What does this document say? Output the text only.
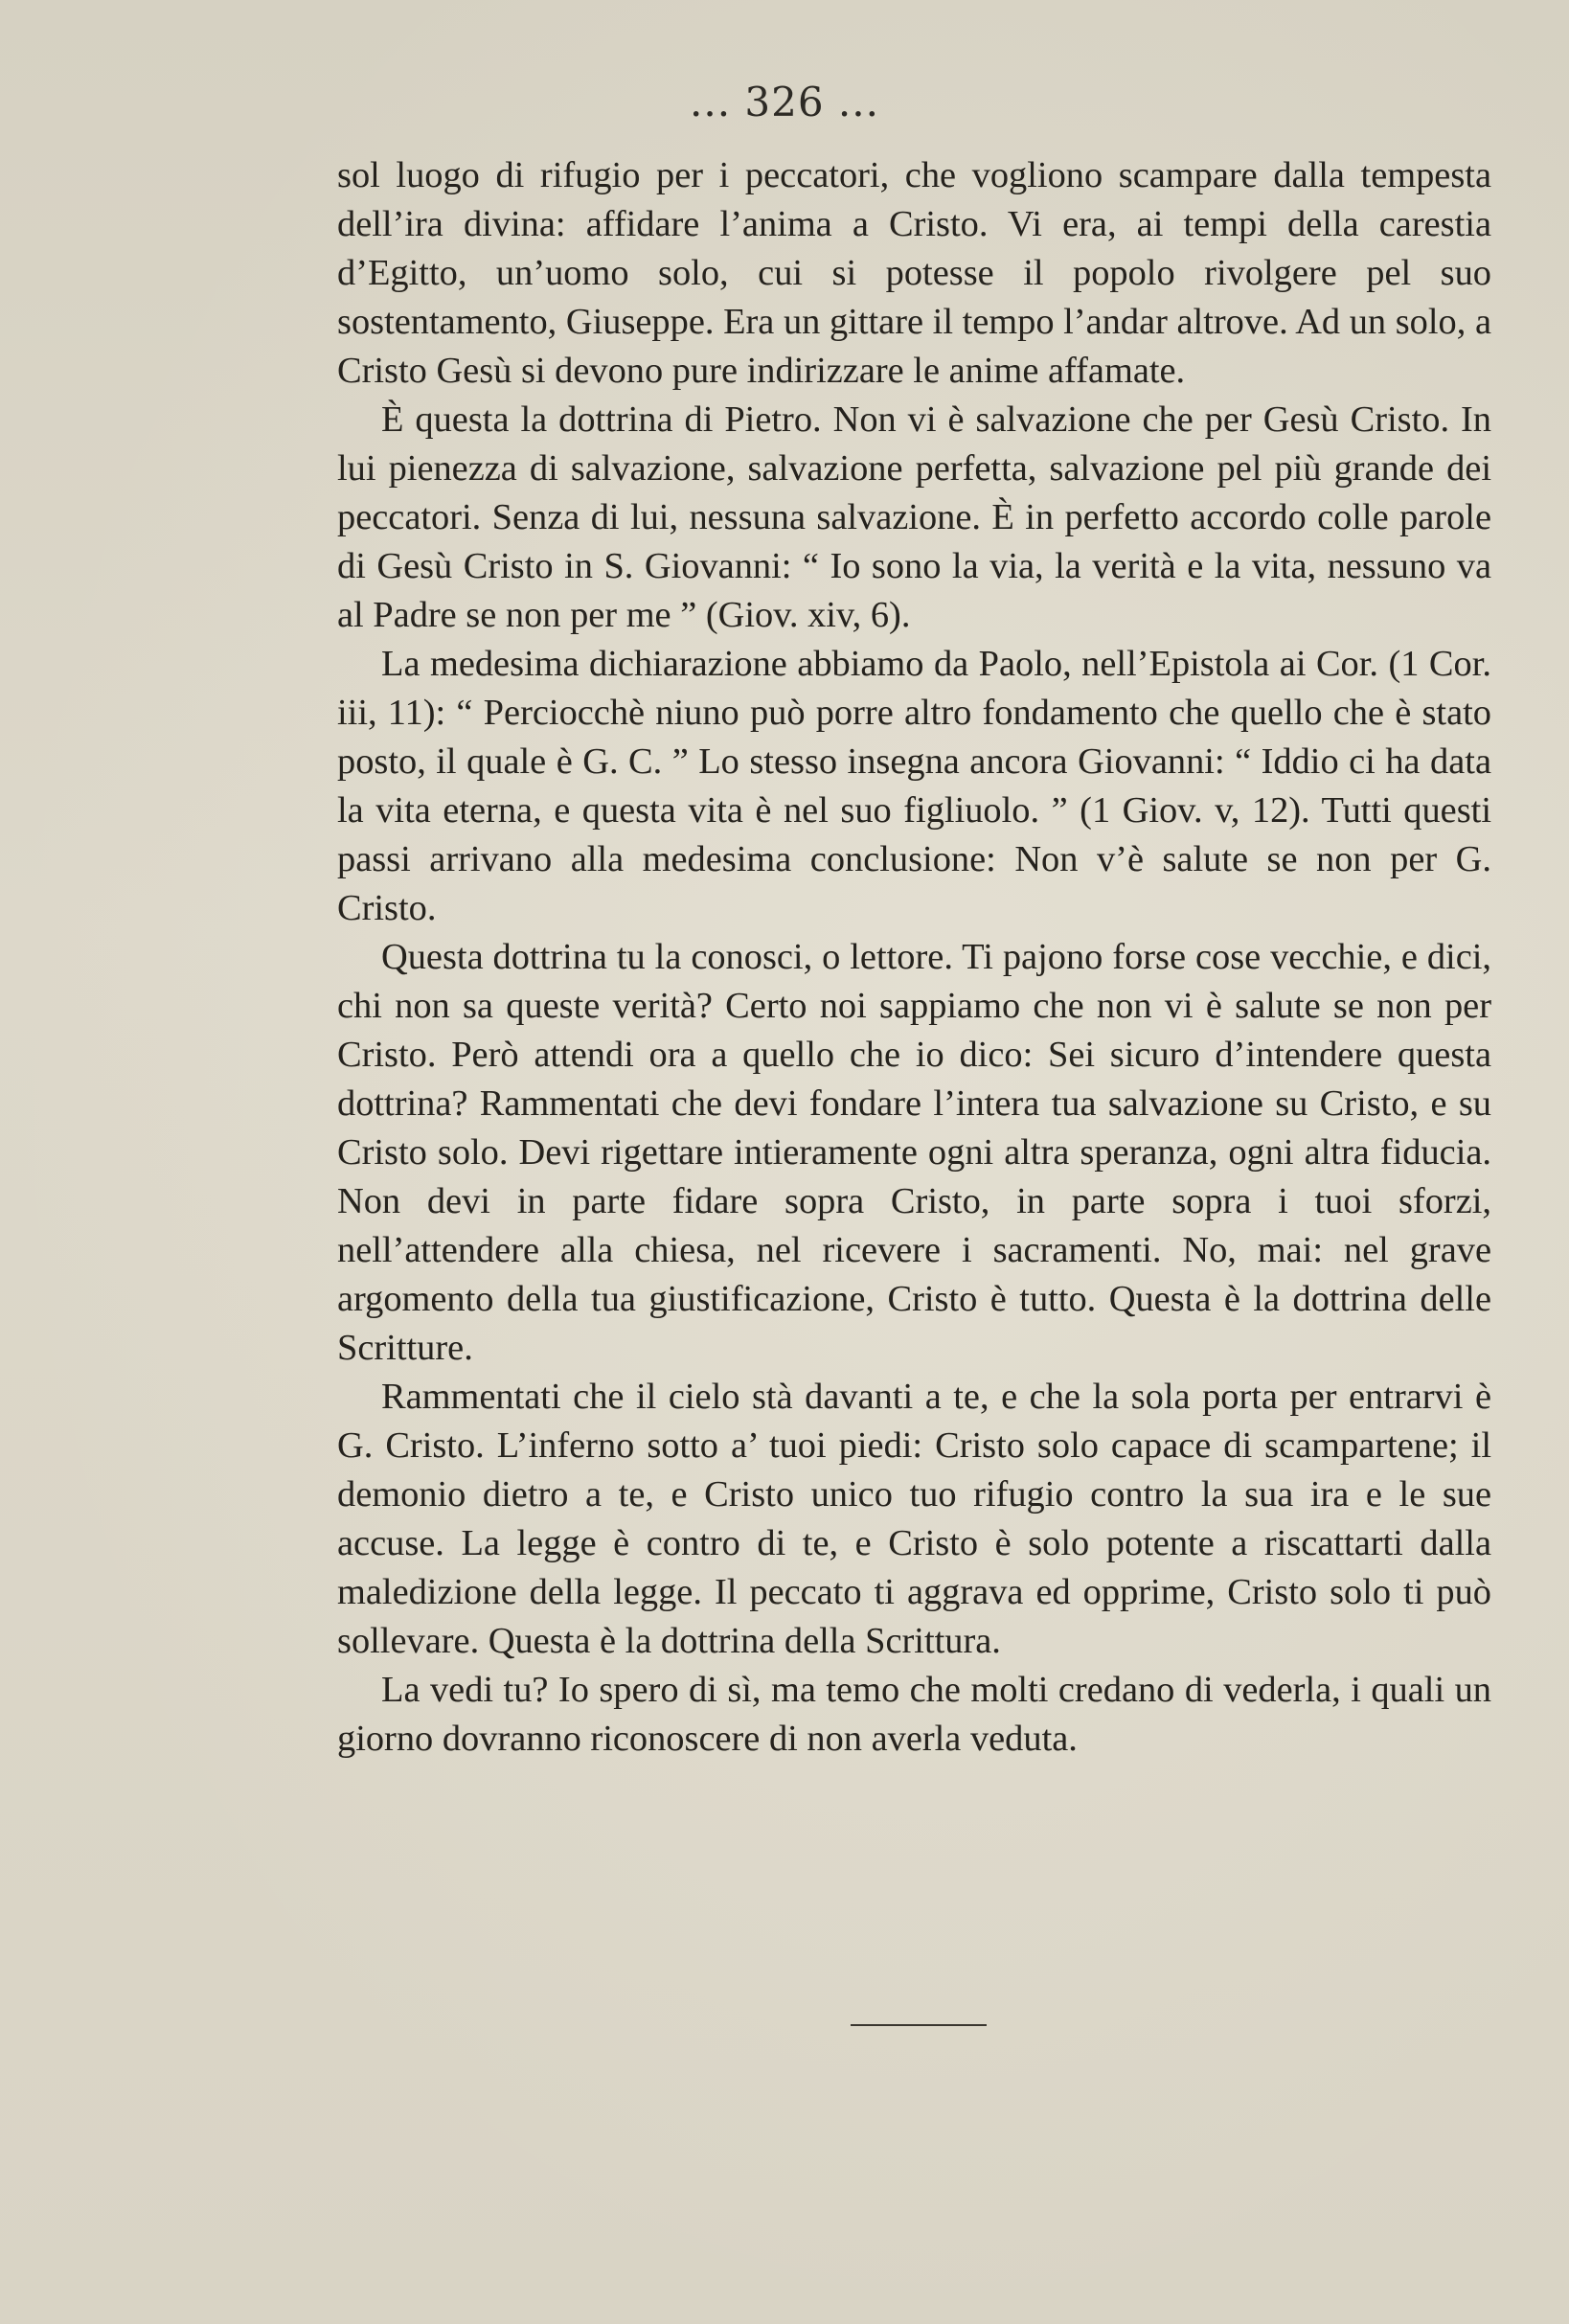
... 326 ...

sol luogo di rifugio per i peccatori, che vogliono scampare dalla tempesta dell’ira divina: affidare l’anima a Cristo. Vi era, ai tempi della carestia d’Egitto, un’uomo solo, cui si potesse il popolo rivolgere pel suo sostentamento, Giuseppe. Era un gittare il tempo l’andar altrove. Ad un solo, a Cristo Gesù si devono pure indirizzare le anime affamate.

È questa la dottrina di Pietro. Non vi è salvazione che per Gesù Cristo. In lui pienezza di salvazione, salvazione perfetta, salvazione pel più grande dei peccatori. Senza di lui, nessuna salvazione. È in perfetto accordo colle parole di Gesù Cristo in S. Giovanni: “ Io sono la via, la verità e la vita, nessuno va al Padre se non per me ” (Giov. xiv, 6).

La medesima dichiarazione abbiamo da Paolo, nell’Epistola ai Cor. (1 Cor. iii, 11): “ Perciocchè niuno può porre altro fondamento che quello che è stato posto, il quale è G. C. ” Lo stesso insegna ancora Giovanni: “ Iddio ci ha data la vita eterna, e questa vita è nel suo figliuolo. ” (1 Giov. v, 12). Tutti questi passi arrivano alla medesima conclusione: Non v’è salute se non per G. Cristo.

Questa dottrina tu la conosci, o lettore. Ti pajono forse cose vecchie, e dici, chi non sa queste verità? Certo noi sappiamo che non vi è salute se non per Cristo. Però attendi ora a quello che io dico: Sei sicuro d’intendere questa dottrina? Rammentati che devi fondare l’intera tua salvazione su Cristo, e su Cristo solo. Devi rigettare intieramente ogni altra speranza, ogni altra fiducia. Non devi in parte fidare sopra Cristo, in parte sopra i tuoi sforzi, nell’attendere alla chiesa, nel ricevere i sacramenti. No, mai: nel grave argomento della tua giustificazione, Cristo è tutto. Questa è la dottrina delle Scritture.

Rammentati che il cielo stà davanti a te, e che la sola porta per entrarvi è G. Cristo. L’inferno sotto a’ tuoi piedi: Cristo solo capace di scampartene; il demonio dietro a te, e Cristo unico tuo rifugio contro la sua ira e le sue accuse. La legge è contro di te, e Cristo è solo potente a riscattarti dalla maledizione della legge. Il peccato ti aggrava ed opprime, Cristo solo ti può sollevare. Questa è la dottrina della Scrittura.

La vedi tu? Io spero di sì, ma temo che molti credano di vederla, i quali un giorno dovranno riconoscere di non averla veduta.
